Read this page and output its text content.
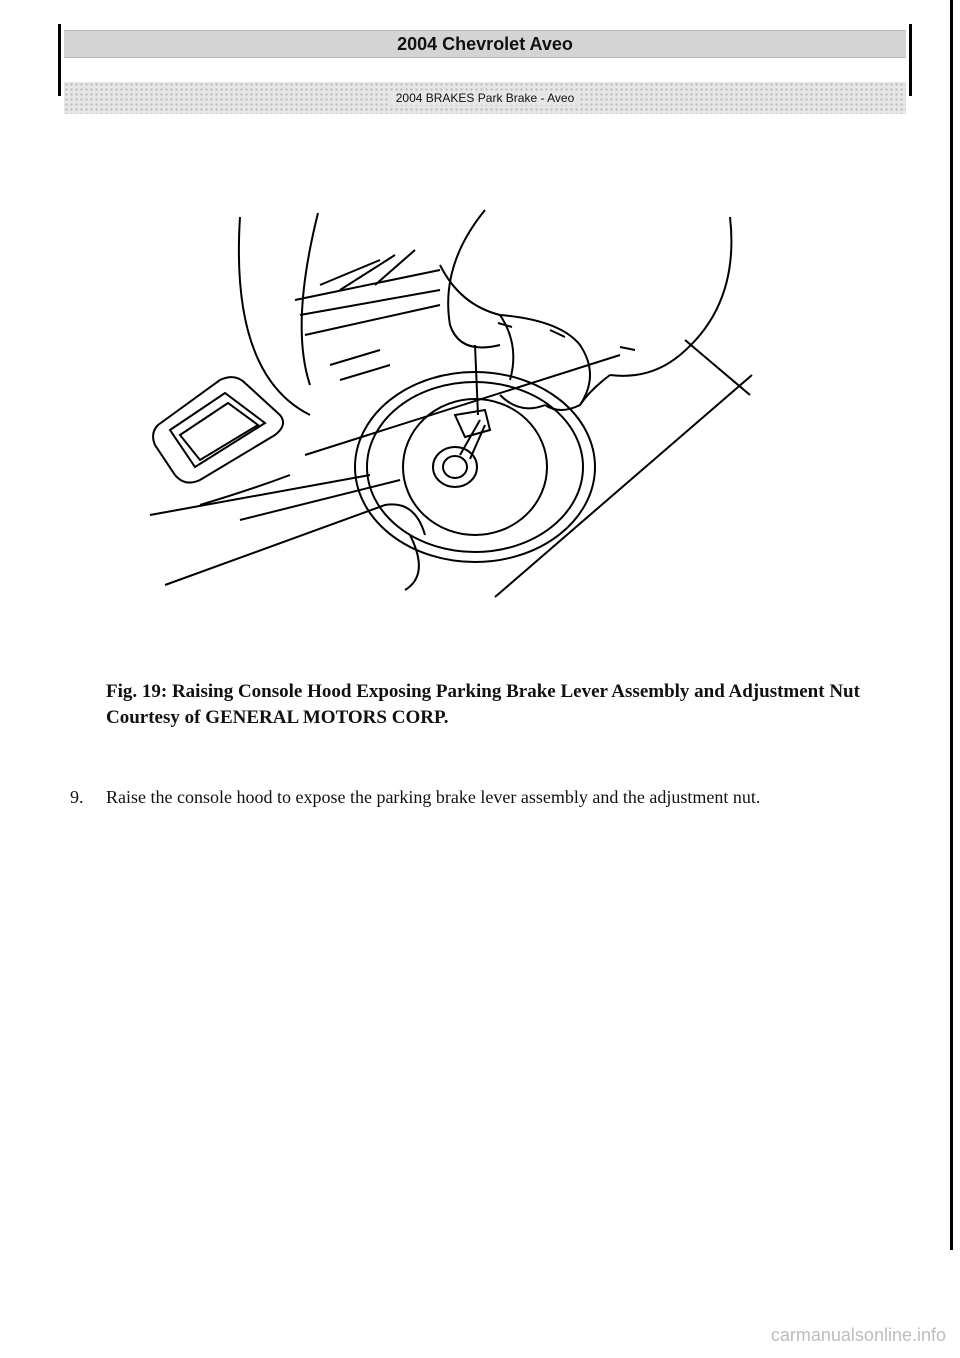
2004 Chevrolet Aveo
2004 BRAKES Park Brake - Aveo
Fig. 19: Raising Console Hood Exposing Parking Brake Lever Assembly and Adjustment Nut
Courtesy of GENERAL MOTORS CORP.
9. Raise the console hood to expose the parking brake lever assembly and the adjustment nut.
carmanualsonline.info
